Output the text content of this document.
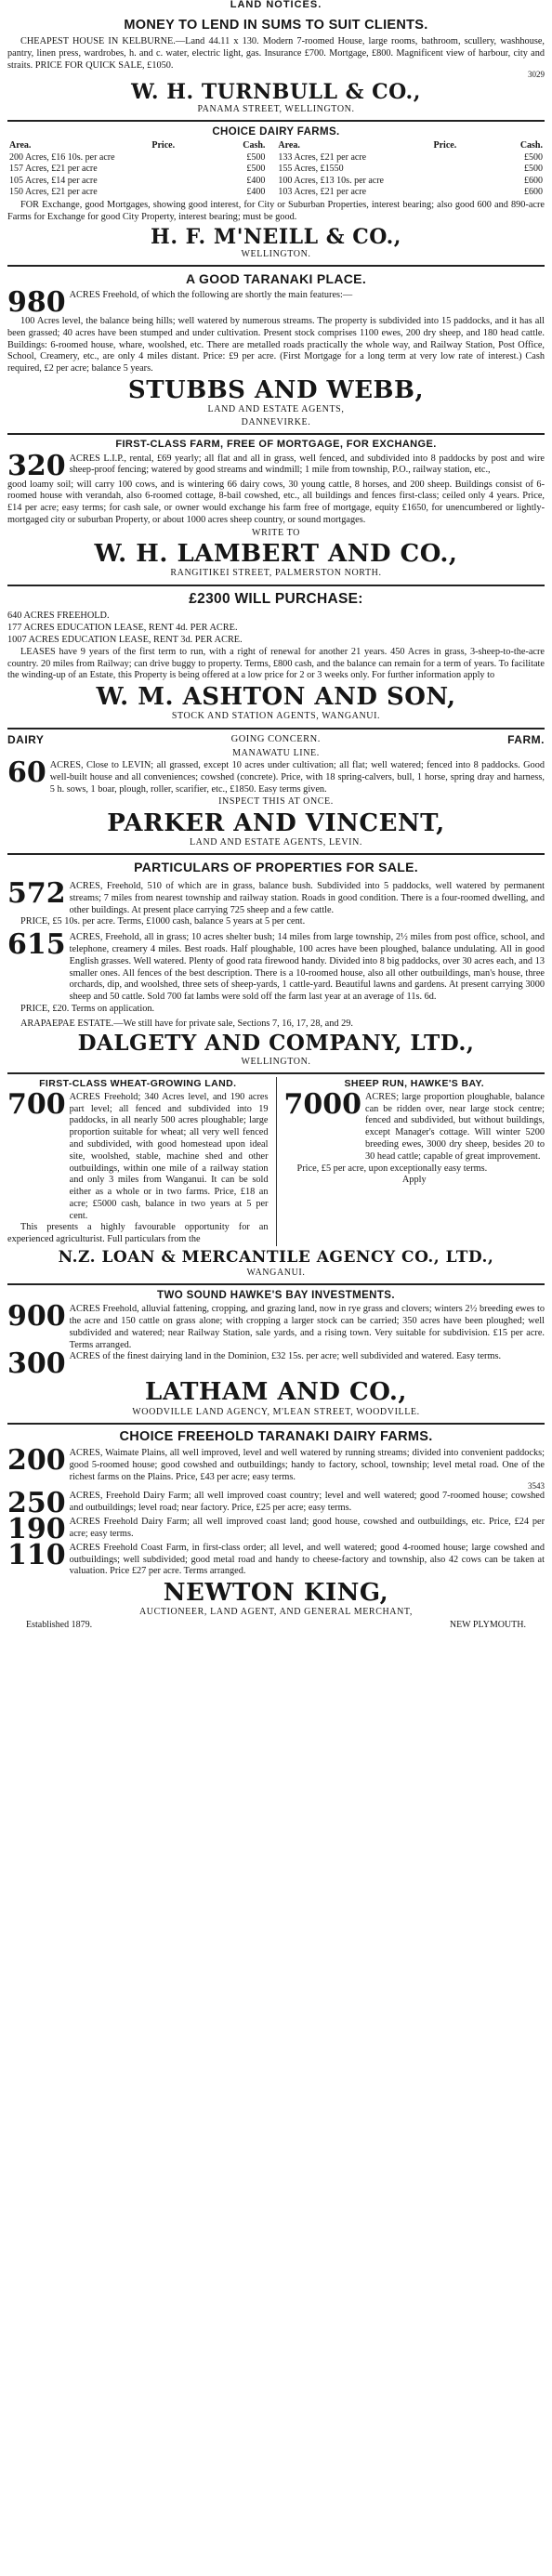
LAND NOTICES.
MONEY TO LEND IN SUMS TO SUIT CLIENTS.
CHEAPEST HOUSE IN KELBURNE.—Land 44.11 x 130. Modern 7-roomed House, large rooms, bathroom, scullery, washhouse, pantry, linen press, wardrobes, h. and c. water, electric light, gas. Insurance £700. Mortgage, £800. Magnificent view of harbour, city and straits. PRICE FOR QUICK SALE, £1050.
3029
W. H. TURNBULL & CO.,
PANAMA STREET, WELLINGTON.
CHOICE DAIRY FARMS.
Area.	Price.	Cash.	Area.	Price.	Cash.
200 Acres, £16 10s. per acre		£500	133 Acres, £21 per acre		£500
157 Acres, £21 per acre		£500	155 Acres, £1550		£500
105 Acres, £14 per acre		£400	100 Acres, £13 10s. per acre		£600
150 Acres, £21 per acre		£400	103 Acres, £21 per acre		£600
FOR Exchange, good Mortgages, showing good interest, for City or Suburban Properties, interest bearing; also good 600 and 890-acre Farms for Exchange for good City Property, interest bearing; must be good.
H. F. M'NEILL & CO.,
WELLINGTON.
A GOOD TARANAKI PLACE.
980 ACRES Freehold, of which the following are shortly the main features:—
100 Acres level, the balance being hills; well watered by numerous streams. The property is subdivided into 15 paddocks, and it has all been grassed; 40 acres have been stumped and under cultivation. Present stock comprises 1100 ewes, 200 dry sheep, and 180 head cattle. Buildings: 6-roomed house, whare, woolshed, etc. There are metalled roads practically the whole way, and Railway Station, Post Office, School, Creamery, etc., are only 4 miles distant. Price: £9 per acre. (First Mortgage for a long term at very low rate of interest.) Cash required, £2 per acre; balance 5 years.
STUBBS AND WEBB,
LAND AND ESTATE AGENTS,
DANNEVIRKE.
FIRST-CLASS FARM, FREE OF MORTGAGE, FOR EXCHANGE.
320 ACRES L.I.P., rental, £69 yearly; all flat and all in grass, well fenced, and subdivided into 8 paddocks by post and wire sheep-proof fencing; watered by good streams and windmill; 1 mile from township, P.O., railway station, etc.,
good loamy soil; will carry 100 cows, and is wintering 66 dairy cows, 30 young cattle, 8 horses, and 200 sheep. Buildings consist of 6-roomed house with verandah, also 6-roomed cottage, 8-bail cowshed, etc., all buildings and fences first-class; ceiled only 4 years. Price, £14 per acre; easy terms; for cash sale, or owner would exchange his farm free of mortgage, equity £1650, for unencumbered or lightly-mortgaged city or suburban Property, or about 1000 acres sheep country, or sound mortgages.
WRITE TO
W. H. LAMBERT AND CO.,
RANGITIKEI STREET, PALMERSTON NORTH.
£2300 WILL PURCHASE:
640 ACRES FREEHOLD.
177 ACRES EDUCATION LEASE, RENT 4d. PER ACRE.
1007 ACRES EDUCATION LEASE, RENT 3d. PER ACRE.
LEASES have 9 years of the first term to run, with a right of renewal for another 21 years. 450 Acres in grass, 3-sheep-to-the-acre country. 20 miles from Railway; can drive buggy to property. Terms, £800 cash, and the balance can remain for a term of years. To facilitate the winding-up of an Estate, this Property is being offered at a low price for 2 or 3 weeks only. For further information apply to
W. M. ASHTON AND SON,
STOCK AND STATION AGENTS, WANGANUI.
DAIRY	GOING CONCERN.	FARM.
MANAWATU LINE.
60 ACRES, Close to LEVIN; all grassed, except 10 acres under cultivation; all flat; well watered; fenced into 8 paddocks. Good well-built house and all conveniences; cowshed (concrete). Price, with 18 spring-calvers, bull, 1 horse, spring dray and harness, 5 h. sows, 1 boar, plough, roller, scarifier, etc., £1850. Easy terms given.
INSPECT THIS AT ONCE.
PARKER AND VINCENT,
LAND AND ESTATE AGENTS, LEVIN.
PARTICULARS OF PROPERTIES FOR SALE.
572 ACRES, Freehold, 510 of which are in grass, balance bush. Subdivided into 5 paddocks, well watered by permanent streams; 7 miles from nearest township and railway station. Roads in good condition. There is a four-roomed dwelling, and other buildings. At present place carrying 725 sheep and a few cattle.
PRICE, £5 10s. per acre. Terms, £1000 cash, balance 5 years at 5 per cent.
615 ACRES, Freehold, all in grass; 10 acres shelter bush; 14 miles from large township, 2½ miles from post office, school, and telephone, creamery 4 miles. Best roads. Half ploughable, 100 acres have been ploughed, balance undulating. All in good English grasses. Well watered. Plenty of good rata firewood handy. Divided into 8 big paddocks, over 30 acres each, and 13 smaller ones. All fences of the best description. There is a 10-roomed house, also all other outbuildings, man's house, three orchards, dip, and woolshed, three sets of sheep-yards, 1 cattle-yard. Beautiful lawns and gardens. At present carrying 3000 sheep and 50 cattle. Sold 700 fat lambs were sold off the farm last year at an average of 11s. 6d.
PRICE, £20. Terms on application.
ARAPAEPAE ESTATE.—We still have for private sale, Sections 7, 16, 17, 28, and 29.
DALGETY AND COMPANY, LTD.,
WELLINGTON.
FIRST-CLASS WHEAT-GROWING LAND.
700 ACRES Freehold; 340 Acres level, and 190 acres part level; all fenced and subdivided into 19 paddocks, in all nearly 500 acres ploughable; large proportion suitable for wheat; all very well fenced and subdivided, with good homestead upon ideal site, woolshed, stable, machine shed and other outbuildings, within one mile of a railway station and only 3 miles from Wanganui. It can be sold either as a whole or in two farms. Price, £18 an acre; £5000 cash, balance in two years at 5 per cent.
This presents a highly favourable opportunity for an experienced agriculturist. Full particulars from the
SHEEP RUN, HAWKE'S BAY.
7000 ACRES; large proportion ploughable, balance can be ridden over, near large stock centre; fenced and subdivided, but without buildings, except Manager's cottage. Will winter 5200 breeding ewes, 3000 dry sheep, besides 20 to 30 head cattle; capable of great improvement.
Price, £5 per acre, upon exceptionally easy terms.
Apply
N.Z. LOAN & MERCANTILE AGENCY CO., LTD.,
WANGANUI.
TWO SOUND HAWKE'S BAY INVESTMENTS.
900 ACRES Freehold, alluvial fattening, cropping, and grazing land, now in rye grass and clovers; winters 2½ breeding ewes to the acre and 150 cattle on grass alone; with cropping a larger stock can be carried; 350 acres have been ploughed; well subdivided and watered; near Railway Station, sale yards, and a rising town. Very suitable for subdivision. £15 per acre. Terms arranged.
300 ACRES of the finest dairying land in the Dominion, £32 15s. per acre; well subdivided and watered. Easy terms.
LATHAM AND CO.,
WOODVILLE LAND AGENCY, M'LEAN STREET, WOODVILLE.
CHOICE FREEHOLD TARANAKI DAIRY FARMS.
200 ACRES, Waimate Plains, all well improved, level and well watered by running streams; divided into convenient paddocks; good 5-roomed house; good cowshed and outbuildings; handy to factory, school, township; level metal road. One of the richest farms on the Plains. Price, £43 per acre; easy terms.
3543
250 ACRES, Freehold Dairy Farm; all well improved coast country; level and well watered; good 7-roomed house; cowshed and outbuildings; level road; near factory. Price, £25 per acre; easy terms.
190 ACRES Freehold Dairy Farm; all well improved coast land; good house, cowshed and outbuildings, etc. Price, £24 per acre; easy terms.
110 ACRES Freehold Coast Farm, in first-class order; all level, and well watered; good 4-roomed house; large cowshed and outbuildings; well subdivided; good metal road and handy to cheese-factory and township, also 42 cows can be taken at valuation. Price £27 per acre. Terms arranged.
NEWTON KING,
AUCTIONEER, LAND AGENT, AND GENERAL MERCHANT,
Established 1879.	NEW PLYMOUTH.
